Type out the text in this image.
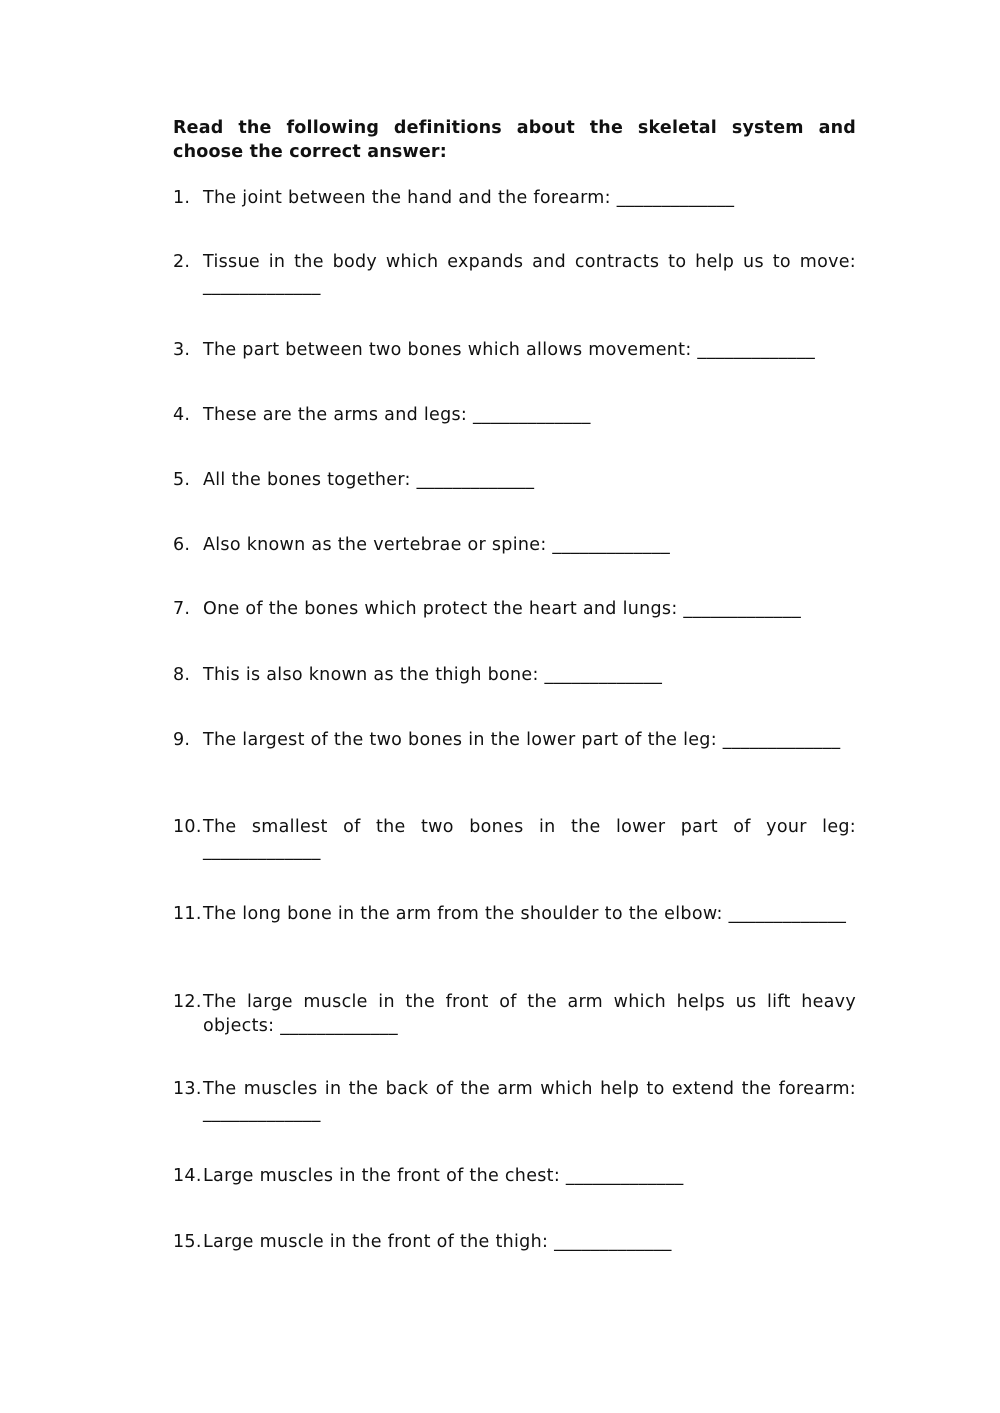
Read the following definitions about the skeletal system and choose the correct answer:

1. The joint between the hand and the forearm: _____________
2. Tissue in the body which expands and contracts to help us to move: _____________
3. The part between two bones which allows movement: _____________
4. These are the arms and legs: _____________
5. All the bones together: _____________
6. Also known as the vertebrae or spine: _____________
7. One of the bones which protect the heart and lungs: _____________
8. This is also known as the thigh bone: _____________
9. The largest of the two bones in the lower part of the leg: _____________
10. The smallest of the two bones in the lower part of your leg: _____________
11. The long bone in the arm from the shoulder to the elbow: _____________
12. The large muscle in the front of the arm which helps us lift heavy objects: _____________
13. The muscles in the back of the arm which help to extend the forearm: _____________
14. Large muscles in the front of the chest: _____________
15. Large muscle in the front of the thigh: _____________
